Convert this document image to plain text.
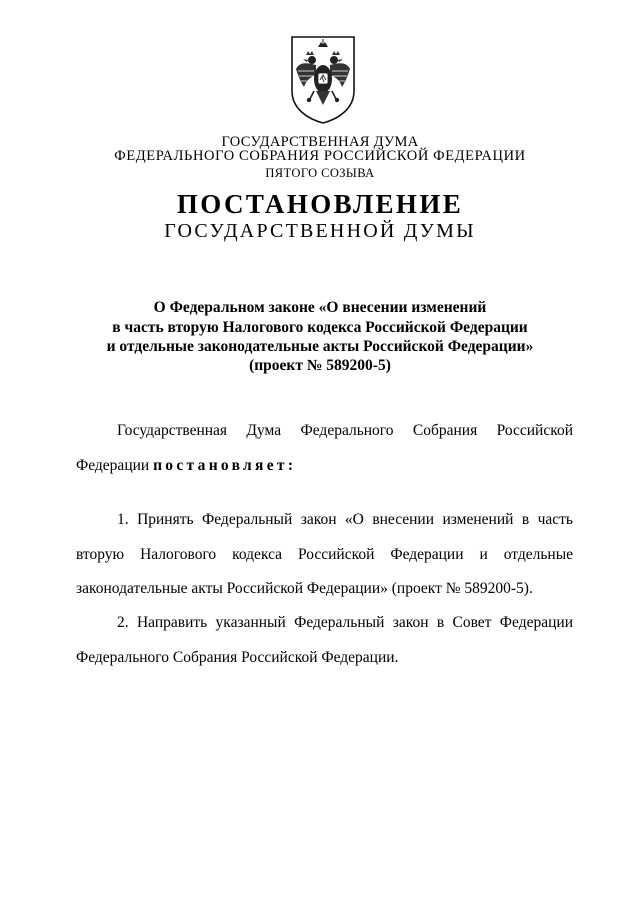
ГОСУДАРСТВЕННАЯ ДУМА
ФЕДЕРАЛЬНОГО СОБРАНИЯ РОССИЙСКОЙ ФЕДЕРАЦИИ
ПЯТОГО СОЗЫВА
ПОСТАНОВЛЕНИЕ
ГОСУДАРСТВЕННОЙ ДУМЫ
О Федеральном законе «О внесении изменений
в часть вторую Налогового кодекса Российской Федерации
и отдельные законодательные акты Российской Федерации»
(проект № 589200-5)
Государственная Дума Федерального Собрания Российской
Федерации постановляет:
1. Принять Федеральный закон «О внесении изменений в часть
вторую Налогового кодекса Российской Федерации и отдельные
законодательные акты Российской Федерации» (проект № 589200-5).
2. Направить указанный Федеральный закон в Совет Федерации
Федерального Собрания Российской Федерации.
